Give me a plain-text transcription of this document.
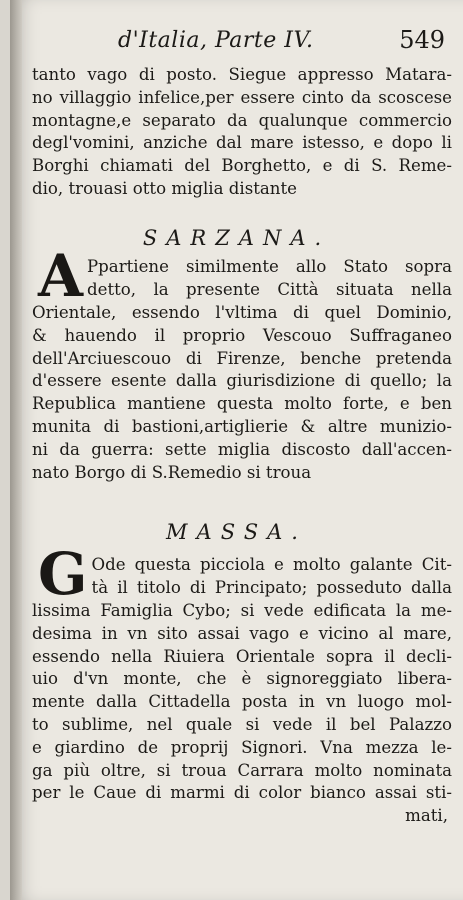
d'Italia, Parte IV.	549
tanto vago di posto. Siegue appresso Matara-
no villaggio infelice,per essere cinto da scoscese
montagne,e separato da qualunque commercio
degl'vomini, anziche dal mare istesso, e dopo li
Borghi chiamati del Borghetto, e di S. Reme-
dio, trouasi otto miglia distante
SARZANA.
A Ppartiene similmente allo Stato sopra
detto, la presente Città situata nella
Orientale, essendo l'vltima di quel Dominio,
& hauendo il proprio Vescouo Suffraganeo
dell'Arciuescouo di Firenze, benche pretenda
d'essere esente dalla giurisdizione di quello; la
Republica mantiene questa molto forte, e ben
munita di bastioni,artiglierie & altre munizio-
ni da guerra: sette miglia discosto dall'accen-
nato Borgo di S.Remedio si troua
MASSA.
G Ode questa picciola e molto galante Cit-
tà il titolo di Principato; posseduto dalla
lissima Famiglia Cybo; si vede edificata la me-
desima in vn sito assai vago e vicino al mare,
essendo nella Riuiera Orientale sopra il decli-
uio d'vn monte, che è signoreggiato libera-
mente dalla Cittadella posta in vn luogo mol-
to sublime, nel quale si vede il bel Palazzo
e giardino de proprij Signori. Vna mezza le-
ga più oltre, si troua Carrara molto nominata
per le Caue di marmi di color bianco assai sti-
mati,
